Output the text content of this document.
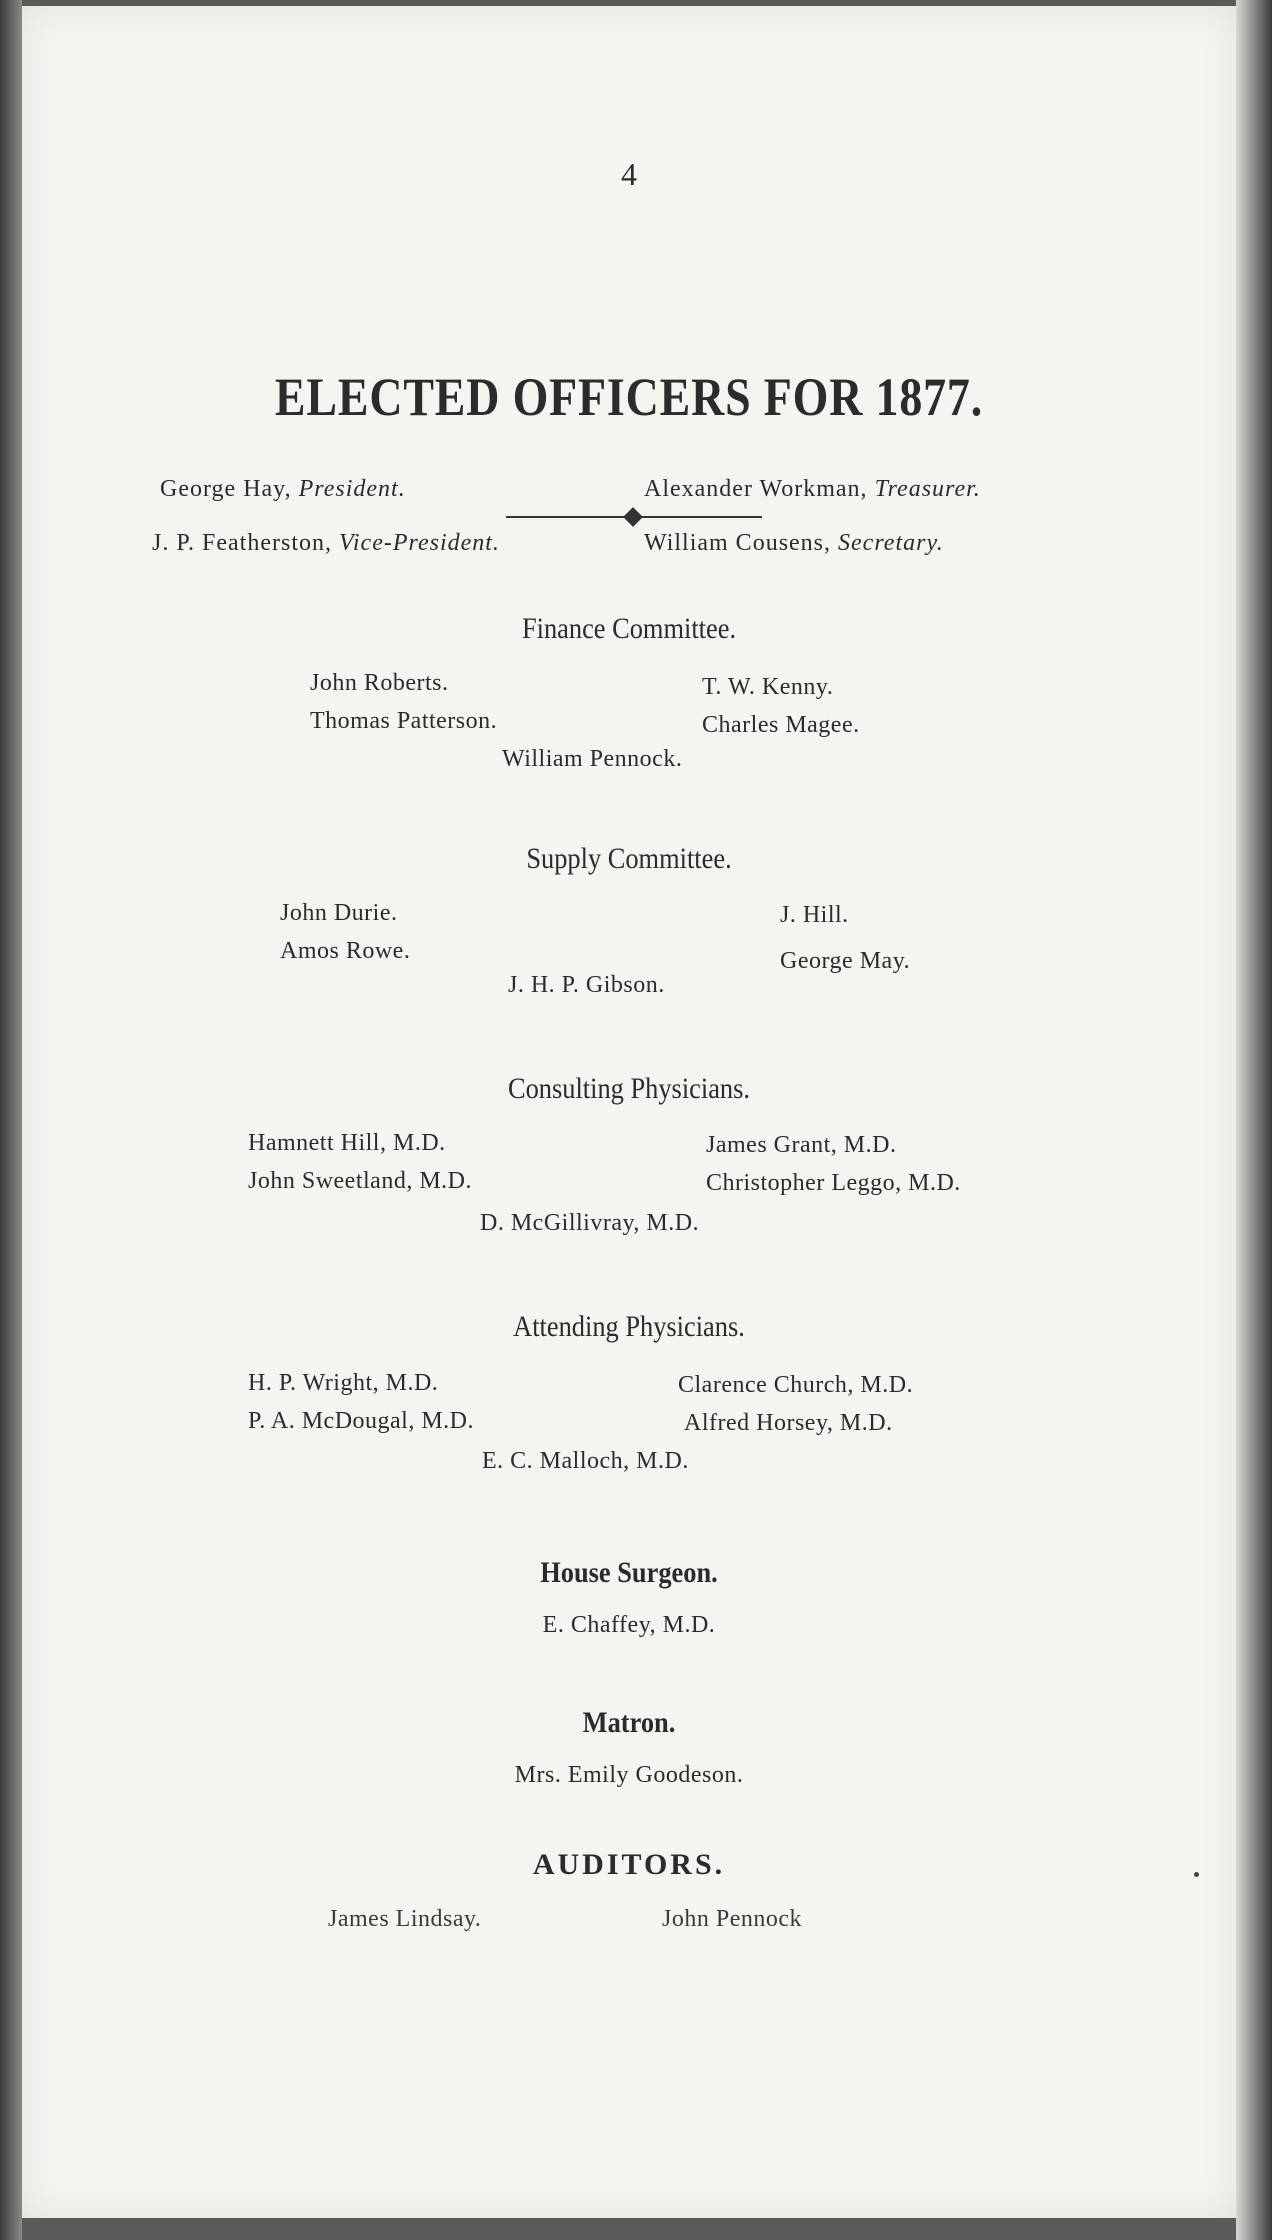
4
ELECTED OFFICERS FOR 1877.
George Hay, President.	Alexander Workman, Treasurer.
J. P. Featherston, Vice-President.	William Cousens, Secretary.
Finance Committee.
John Roberts.	T. W. Kenny.
Thomas Patterson.	Charles Magee.
William Pennock.
Supply Committee.
John Durie.	J. Hill.
Amos Rowe.	George May.
J. H. P. Gibson.
Consulting Physicians.
Hamnett Hill, M.D.	James Grant, M.D.
John Sweetland, M.D.	Christopher Leggo, M.D.
D. McGillivray, M.D.
Attending Physicians.
H. P. Wright, M.D.	Clarence Church, M.D.
P. A. McDougal, M.D.	Alfred Horsey, M.D.
E. C. Malloch, M.D.
House Surgeon.
E. Chaffey, M.D.
Matron.
Mrs. Emily Goodeson.
AUDITORS.
James Lindsay.	John Pennock
